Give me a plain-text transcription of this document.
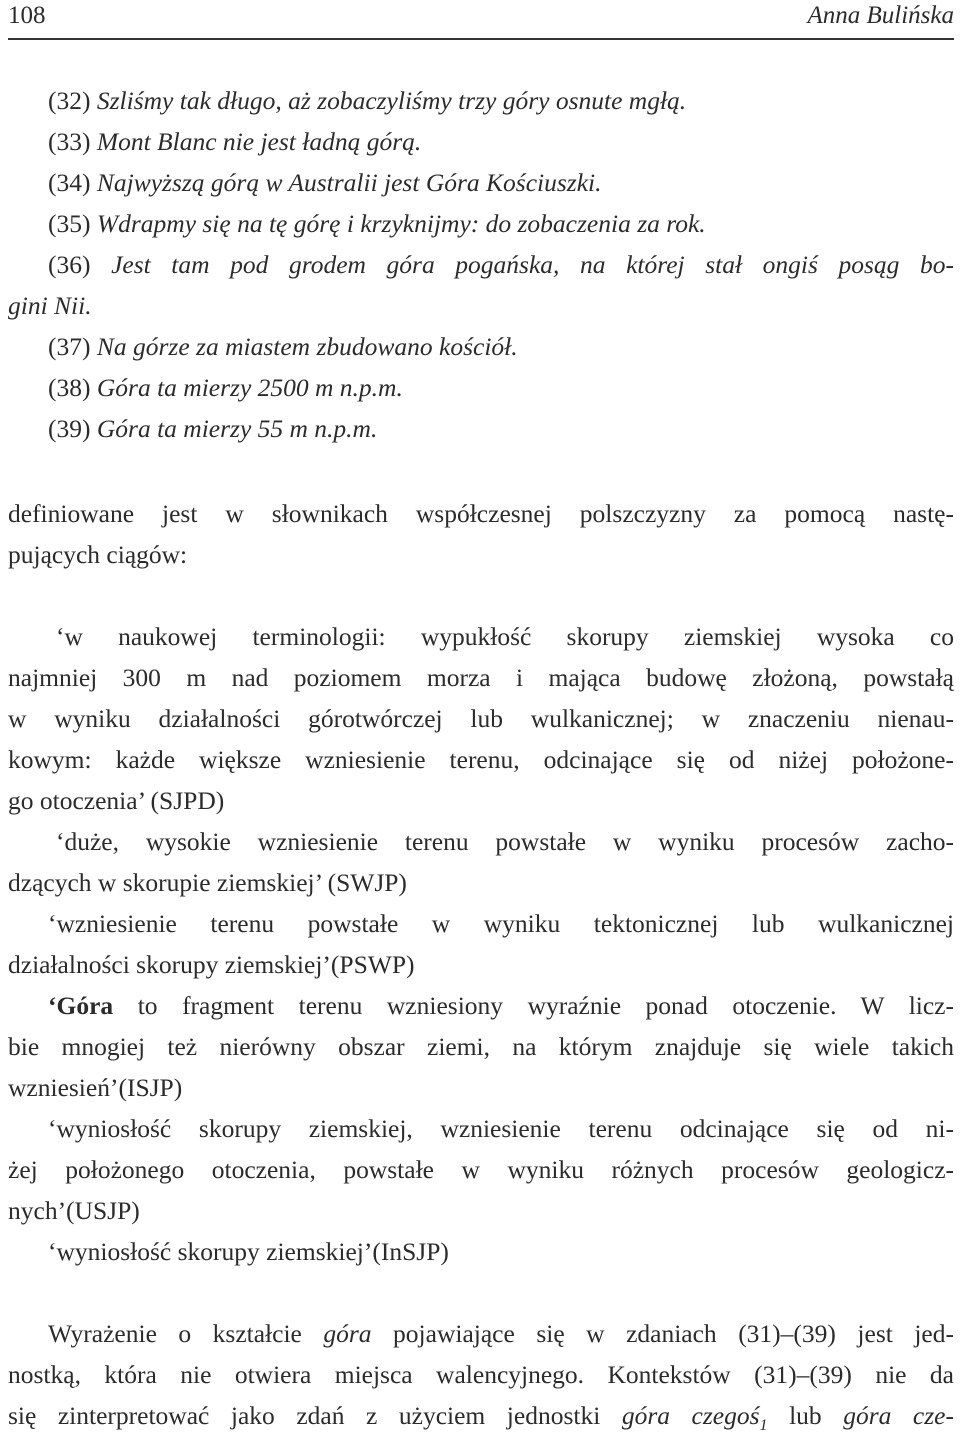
108	Anna Bulińska

(32) Szliśmy tak długo, aż zobaczyliśmy trzy góry osnute mgłą.

(33) Mont Blanc nie jest ładną górą.

(34) Najwyższą górą w Australii jest Góra Kościuszki.

(35) Wdrapmy się na tę górę i krzyknijmy: do zobaczenia za rok.

(36) Jest tam pod grodem góra pogańska, na której stał ongiś posąg bo-

gini Nii.

(37) Na górze za miastem zbudowano kościół.

(38) Góra ta mierzy 2500 m n.p.m.

(39) Góra ta mierzy 55 m n.p.m.

definiowane jest w słownikach współczesnej polszczyzny za pomocą nastę-

pujących ciągów:

‘w naukowej terminologii: wypukłość skorupy ziemskiej wysoka co

najmniej 300 m nad poziomem morza i mająca budowę złożoną, powstałą

w wyniku działalności górotwórczej lub wulkanicznej; w znaczeniu nienau-

kowym: każde większe wzniesienie terenu, odcinające się od niżej położone-

go otoczenia’ (SJPD)

‘duże, wysokie wzniesienie terenu powstałe w wyniku procesów zacho-

dzących w skorupie ziemskiej’ (SWJP)

‘wzniesienie terenu powstałe w wyniku tektonicznej lub wulkanicznej

działalności skorupy ziemskiej’(PSWP)

‘Góra to fragment terenu wzniesiony wyraźnie ponad otoczenie. W licz-

bie mnogiej też nierówny obszar ziemi, na którym znajduje się wiele takich

wzniesień’(ISJP)

‘wyniosłość skorupy ziemskiej, wzniesienie terenu odcinające się od ni-

żej położonego otoczenia, powstałe w wyniku różnych procesów geologicz-

nych’(USJP)

‘wyniosłość skorupy ziemskiej’(InSJP)

Wyrażenie o kształcie góra pojawiające się w zdaniach (31)–(39) jest jed-

nostką, która nie otwiera miejsca walencyjnego. Kontekstów (31)–(39) nie da

się zinterpretować jako zdań z użyciem jednostki góra czegoś$_1$ lub góra cze-
